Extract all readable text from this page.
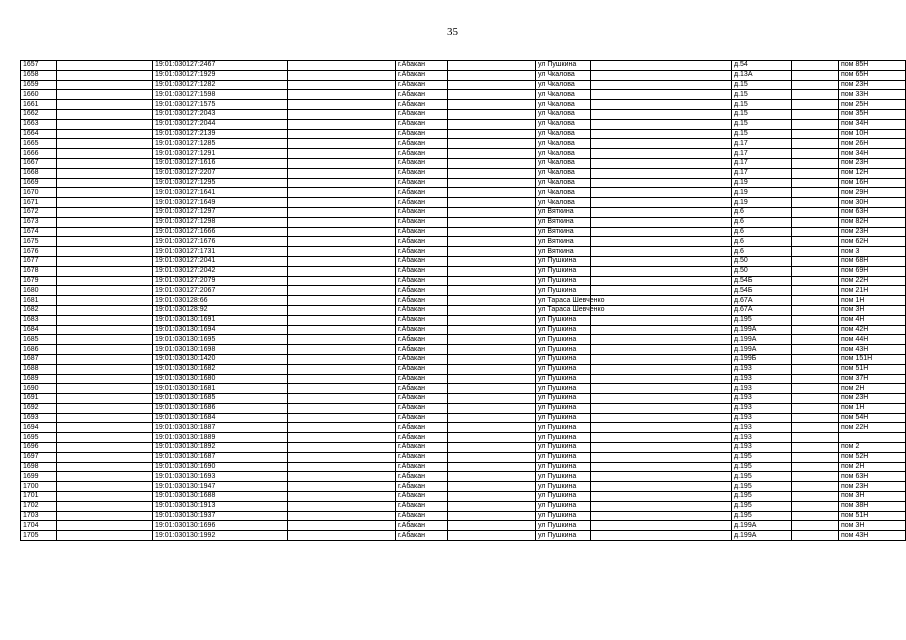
35
1657		19:01:030127:2467		г.Абакан		ул Пушкина		д.54		пом 85Н
1658		19:01:030127:1929		г.Абакан		ул Чкалова		д.13А		пом 65Н
1659		19:01:030127:1282		г.Абакан		ул Чкалова		д.15		пом 23Н
1660		19:01:030127:1598		г.Абакан		ул Чкалова		д.15		пом 33Н
1661		19:01:030127:1575		г.Абакан		ул Чкалова		д.15		пом 25Н
1662		19:01:030127:2043		г.Абакан		ул Чкалова		д.15		пом 35Н
1663		19:01:030127:2044		г.Абакан		ул Чкалова		д.15		пом 34Н
1664		19:01:030127:2139		г.Абакан		ул Чкалова		д.15		пом 10Н
1665		19:01:030127:1285		г.Абакан		ул Чкалова		д.17		пом 26Н
1666		19:01:030127:1291		г.Абакан		ул Чкалова		д.17		пом 34Н
1667		19:01:030127:1616		г.Абакан		ул Чкалова		д.17		пом 23Н
1668		19:01:030127:2207		г.Абакан		ул Чкалова		д.17		пом 12Н
1669		19:01:030127:1295		г.Абакан		ул Чкалова		д.19		пом 16Н
1670		19:01:030127:1641		г.Абакан		ул Чкалова		д.19		пом 29Н
1671		19:01:030127:1649		г.Абакан		ул Чкалова		д.19		пом 30Н
1672		19:01:030127:1297		г.Абакан		ул Вяткина		д.6		пом 63Н
1673		19:01:030127:1298		г.Абакан		ул Вяткина		д.6		пом 82Н
1674		19:01:030127:1666		г.Абакан		ул Вяткина		д.6		пом 23Н
1675		19:01:030127:1676		г.Абакан		ул Вяткина		д.6		пом 62Н
1676		19:01:030127:1731		г.Абакан		ул Вяткина		д.6		пом 3
1677		19:01:030127:2041		г.Абакан		ул Пушкина		д.50		пом 68Н
1678		19:01:030127:2042		г.Абакан		ул Пушкина		д.50		пом 69Н
1679		19:01:030127:2079		г.Абакан		ул Пушкина		д.54Б		пом 22Н
1680		19:01:030127:2067		г.Абакан		ул Пушкина		д.54Б		пом 21Н
1681		19:01:030128:66		г.Абакан		ул Тараса Шевченко		д.67А		пом 1Н
1682		19:01:030128:92		г.Абакан		ул Тараса Шевченко		д.67А		пом 3Н
1683		19:01:030130:1691		г.Абакан		ул Пушкина		д.195		пом 4Н
1684		19:01:030130:1694		г.Абакан		ул Пушкина		д.199А		пом 42Н
1685		19:01:030130:1695		г.Абакан		ул Пушкина		д.199А		пом 44Н
1686		19:01:030130:1698		г.Абакан		ул Пушкина		д.199А		пом 43Н
1687		19:01:030130:1420		г.Абакан		ул Пушкина		д.199Б		пом 151Н
1688		19:01:030130:1682		г.Абакан		ул Пушкина		д.193		пом 51Н
1689		19:01:030130:1680		г.Абакан		ул Пушкина		д.193		пом 37Н
1690		19:01:030130:1681		г.Абакан		ул Пушкина		д.193		пом 2Н
1691		19:01:030130:1685		г.Абакан		ул Пушкина		д.193		пом 23Н
1692		19:01:030130:1686		г.Абакан		ул Пушкина		д.193		пом 1Н
1693		19:01:030130:1684		г.Абакан		ул Пушкина		д.193		пом 54Н
1694		19:01:030130:1887		г.Абакан		ул Пушкина		д.193		пом 22Н
1695		19:01:030130:1889		г.Абакан		ул Пушкина		д.193		
1696		19:01:030130:1892		г.Абакан		ул Пушкина		д.193		пом 2
1697		19:01:030130:1687		г.Абакан		ул Пушкина		д.195		пом 52Н
1698		19:01:030130:1690		г.Абакан		ул Пушкина		д.195		пом 2Н
1699		19:01:030130:1693		г.Абакан		ул Пушкина		д.195		пом 63Н
1700		19:01:030130:1947		г.Абакан		ул Пушкина		д.195		пом 23Н
1701		19:01:030130:1688		г.Абакан		ул Пушкина		д.195		пом 3Н
1702		19:01:030130:1913		г.Абакан		ул Пушкина		д.195		пом 38Н
1703		19:01:030130:1937		г.Абакан		ул Пушкина		д.195		пом 51Н
1704		19:01:030130:1696		г.Абакан		ул Пушкина		д.199А		пом 3Н
1705		19:01:030130:1992		г.Абакан		ул Пушкина		д.199А		пом 43Н
